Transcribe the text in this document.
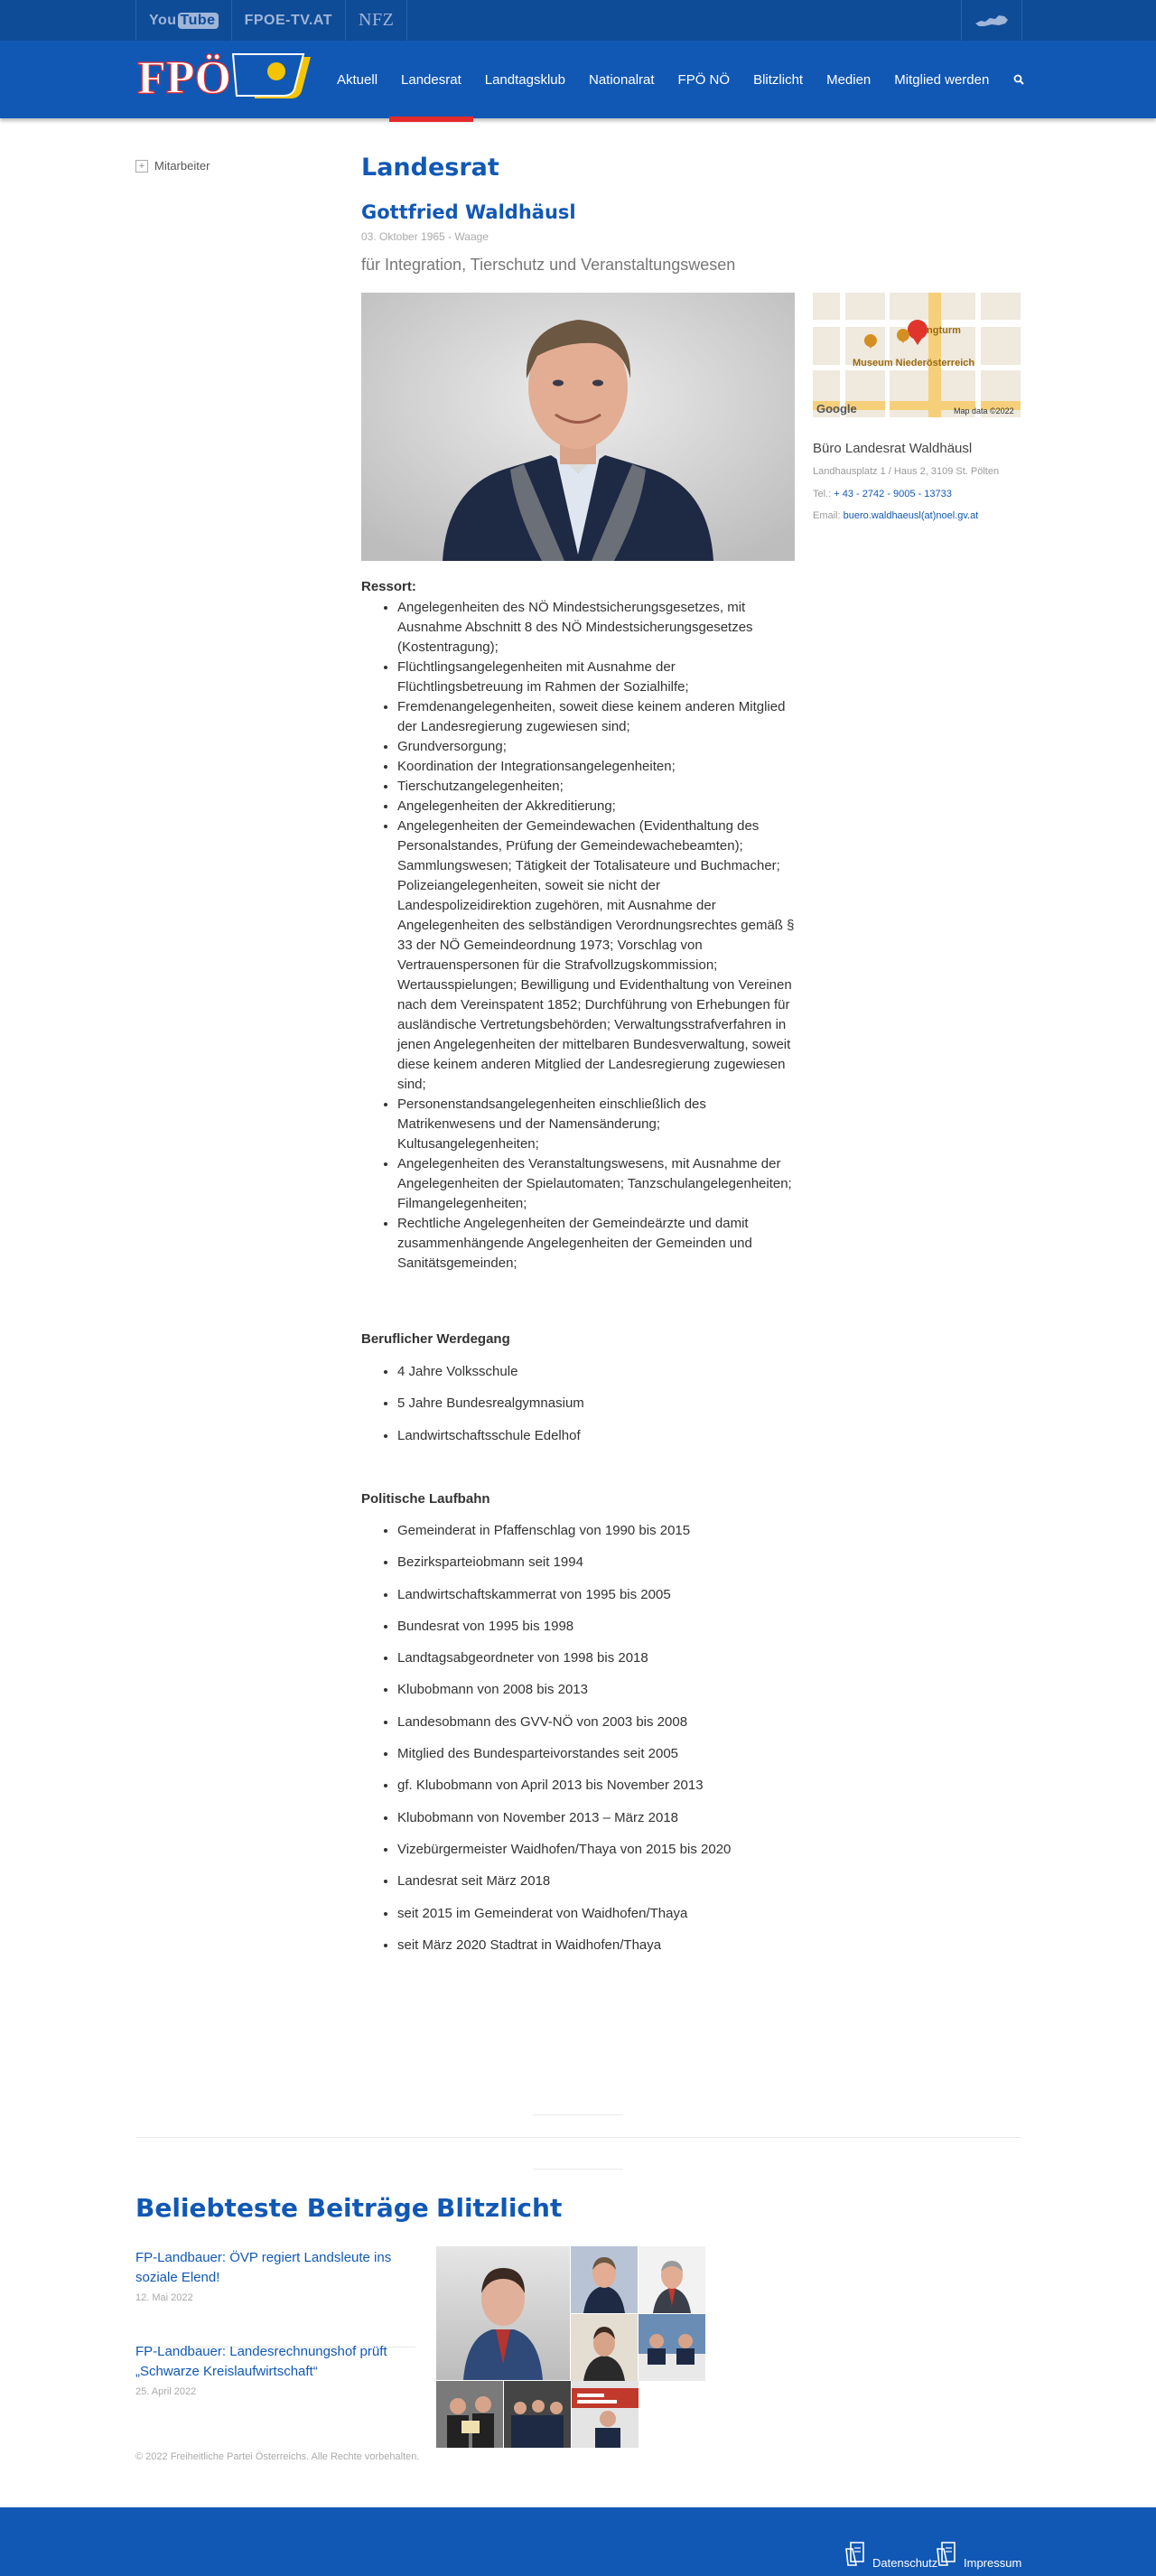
You Tube	FPOE-TV.AT	NFZ
FPÖ	Aktuell	Landesrat	Landtagsklub	Nationalrat	FPÖ NÖ	Blitzlicht	Medien	Mitglied werden
+ Mitarbeiter	Landesrat
Gottfried Waldhäusl
03. Oktober 1965 - Waage
für Integration, Tierschutz und Veranstaltungswesen
Museum Niederösterreich
ngturm
Google	Map data ©2022
Büro Landesrat Waldhäusl
Landhausplatz 1 / Haus 2, 3109 St. Pölten
Tel.: + 43 - 2742 - 9005 - 13733
Email: buero.waldhaeusl(at)noel.gv.at
Ressort:
• Angelegenheiten des NÖ Mindestsicherungsgesetzes, mit Ausnahme Abschnitt 8 des NÖ Mindestsicherungsgesetzes (Kostentragung);
• Flüchtlingsangelegenheiten mit Ausnahme der Flüchtlingsbetreuung im Rahmen der Sozialhilfe;
• Fremdenangelegenheiten, soweit diese keinem anderen Mitglied der Landesregierung zugewiesen sind;
• Grundversorgung;
• Koordination der Integrationsangelegenheiten;
• Tierschutzangelegenheiten;
• Angelegenheiten der Akkreditierung;
• Angelegenheiten der Gemeindewachen (Evidenthaltung des Personalstandes, Prüfung der Gemeindewachebeamten); Sammlungswesen; Tätigkeit der Totalisateure und Buchmacher; Polizeiangelegenheiten, soweit sie nicht der Landespolizeidirektion zugehören, mit Ausnahme der Angelegenheiten des selbständigen Verordnungsrechtes gemäß § 33 der NÖ Gemeindeordnung 1973; Vorschlag von Vertrauenspersonen für die Strafvollzugskommission; Wertausspielungen; Bewilligung und Evidenthaltung von Vereinen nach dem Vereinspatent 1852; Durchführung von Erhebungen für ausländische Vertretungsbehörden; Verwaltungsstrafverfahren in jenen Angelegenheiten der mittelbaren Bundesverwaltung, soweit diese keinem anderen Mitglied der Landesregierung zugewiesen sind;
• Personenstandsangelegenheiten einschließlich des Matrikenwesens und der Namensänderung; Kultusangelegenheiten;
• Angelegenheiten des Veranstaltungswesens, mit Ausnahme der Angelegenheiten der Spielautomaten; Tanzschulangelegenheiten; Filmangelegenheiten;
• Rechtliche Angelegenheiten der Gemeindeärzte und damit zusammenhängende Angelegenheiten der Gemeinden und Sanitätsgemeinden;
Beruflicher Werdegang
• 4 Jahre Volksschule
• 5 Jahre Bundesrealgymnasium
• Landwirtschaftsschule Edelhof
Politische Laufbahn
• Gemeinderat in Pfaffenschlag von 1990 bis 2015
• Bezirksparteiobmann seit 1994
• Landwirtschaftskammerrat von 1995 bis 2005
• Bundesrat von 1995 bis 1998
• Landtagsabgeordneter von 1998 bis 2018
• Klubobmann von 2008 bis 2013
• Landesobmann des GVV-NÖ von 2003 bis 2008
• Mitglied des Bundesparteivorstandes seit 2005
• gf. Klubobmann von April 2013 bis November 2013
• Klubobmann von November 2013 – März 2018
• Vizebürgermeister Waidhofen/Thaya von 2015 bis 2020
• Landesrat seit März 2018
• seit 2015 im Gemeinderat von Waidhofen/Thaya
• seit März 2020 Stadtrat in Waidhofen/Thaya
Beliebteste Beiträge Blitzlicht
FP-Landbauer: ÖVP regiert Landsleute ins soziale Elend!
12. Mai 2022
FP-Landbauer: Landesrechnungshof prüft „Schwarze Kreislaufwirtschaft“
25. April 2022
© 2022 Freiheitliche Partei Österreichs. Alle Rechte vorbehalten.
Datenschutz Impressum
